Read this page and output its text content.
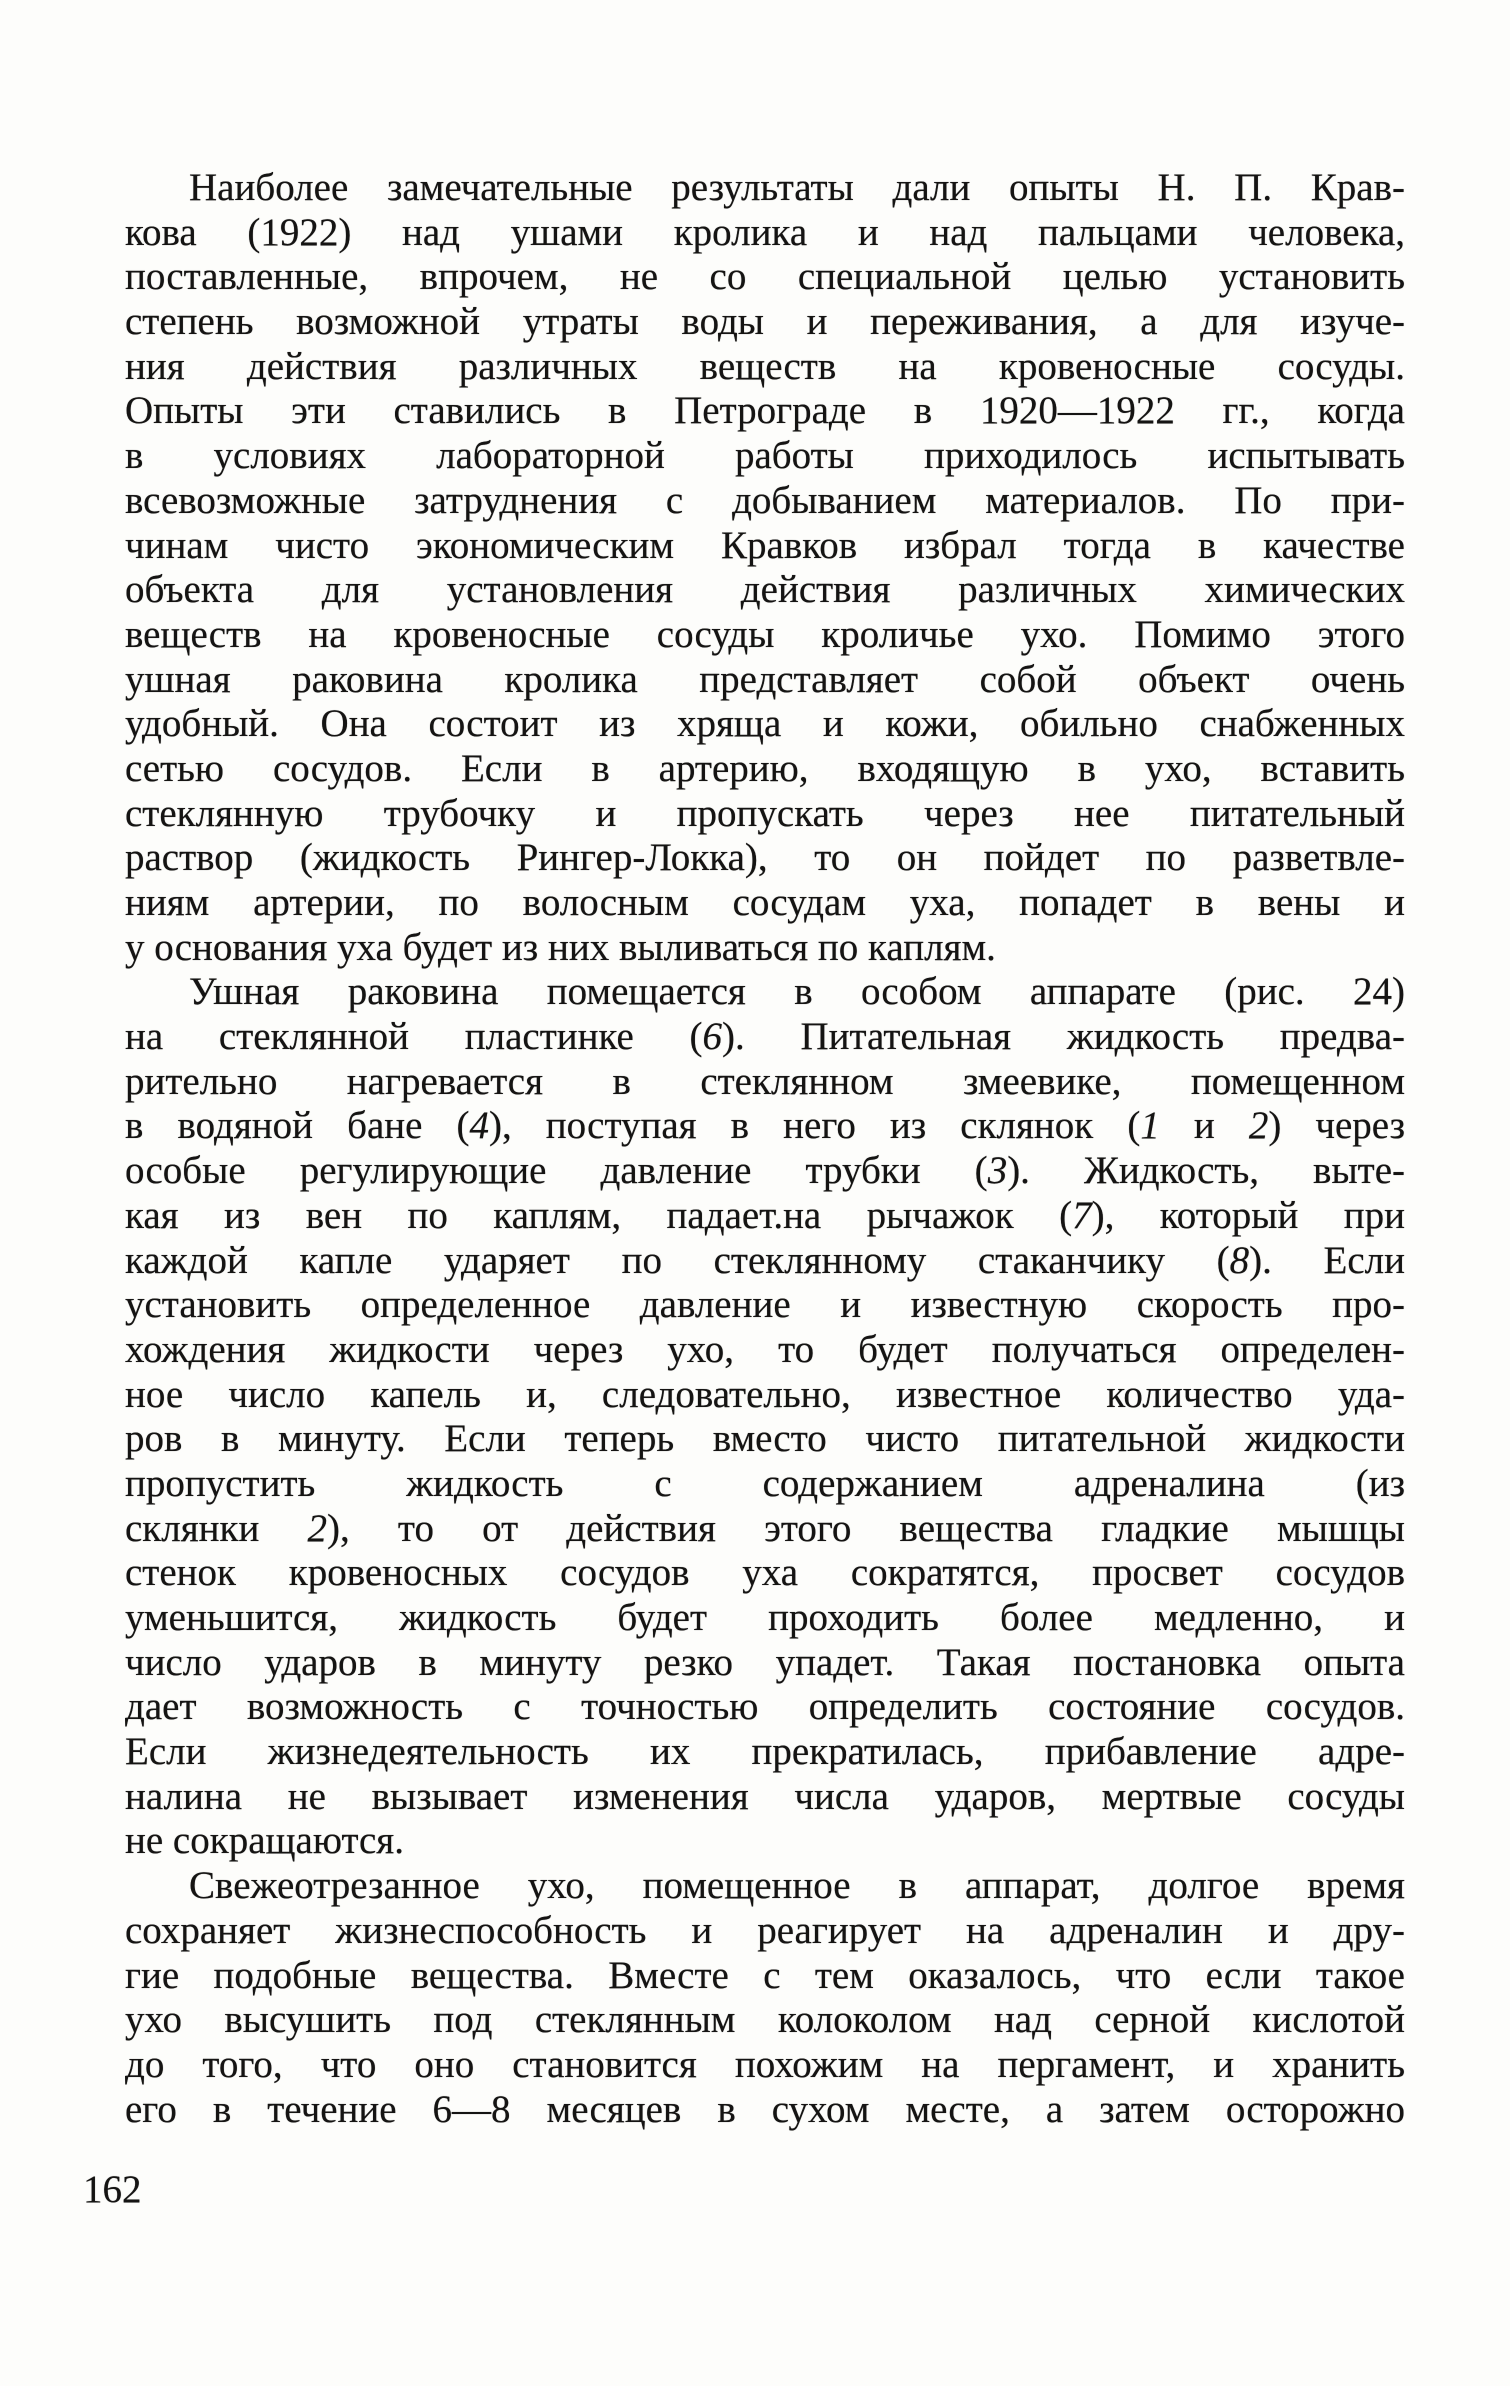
Наиболее замечательные результаты дали опыты Н. П. Крав-
кова (1922) над ушами кролика и над пальцами человека,
поставленные, впрочем, не со специальной целью установить
степень возможной утраты воды и переживания, а для изуче-
ния действия различных веществ на кровеносные сосуды.
Опыты эти ставились в Петрограде в 1920—1922 гг., когда
в условиях лабораторной работы приходилось испытывать
всевозможные затруднения с добыванием материалов. По при-
чинам чисто экономическим Кравков избрал тогда в качестве
объекта для установления действия различных химических
веществ на кровеносные сосуды кроличье ухо. Помимо этого
ушная раковина кролика представляет собой объект очень
удобный. Она состоит из хряща и кожи, обильно снабженных
сетью сосудов. Если в артерию, входящую в ухо, вставить
стеклянную трубочку и пропускать через нее питательный
раствор (жидкость Рингер-Локка), то он пойдет по разветвле-
ниям артерии, по волосным сосудам уха, попадет в вены и
у основания уха будет из них выливаться по каплям.
Ушная раковина помещается в особом аппарате (рис. 24)
на стеклянной пластинке (6). Питательная жидкость предва-
рительно нагревается в стеклянном змеевике, помещенном
в водяной бане (4), поступая в него из склянок (1 и 2) через
особые регулирующие давление трубки (3). Жидкость, выте-
кая из вен по каплям, падает.на рычажок (7), который при
каждой капле ударяет по стеклянному стаканчику (8). Если
установить определенное давление и известную скорость про-
хождения жидкости через ухо, то будет получаться определен-
ное число капель и, следовательно, известное количество уда-
ров в минуту. Если теперь вместо чисто питательной жидкости
пропустить жидкость с содержанием адреналина (из
склянки 2), то от действия этого вещества гладкие мышцы
стенок кровеносных сосудов уха сократятся, просвет сосудов
уменьшится, жидкость будет проходить более медленно, и
число ударов в минуту резко упадет. Такая постановка опыта
дает возможность с точностью определить состояние сосудов.
Если жизнедеятельность их прекратилась, прибавление адре-
налина не вызывает изменения числа ударов, мертвые сосуды
не сокращаются.
Свежеотрезанное ухо, помещенное в аппарат, долгое время
сохраняет жизнеспособность и реагирует на адреналин и дру-
гие подобные вещества. Вместе с тем оказалось, что если такое
ухо высушить под стеклянным колоколом над серной кислотой
до того, что оно становится похожим на пергамент, и хранить
его в течение 6—8 месяцев в сухом месте, а затем осторожно
162
